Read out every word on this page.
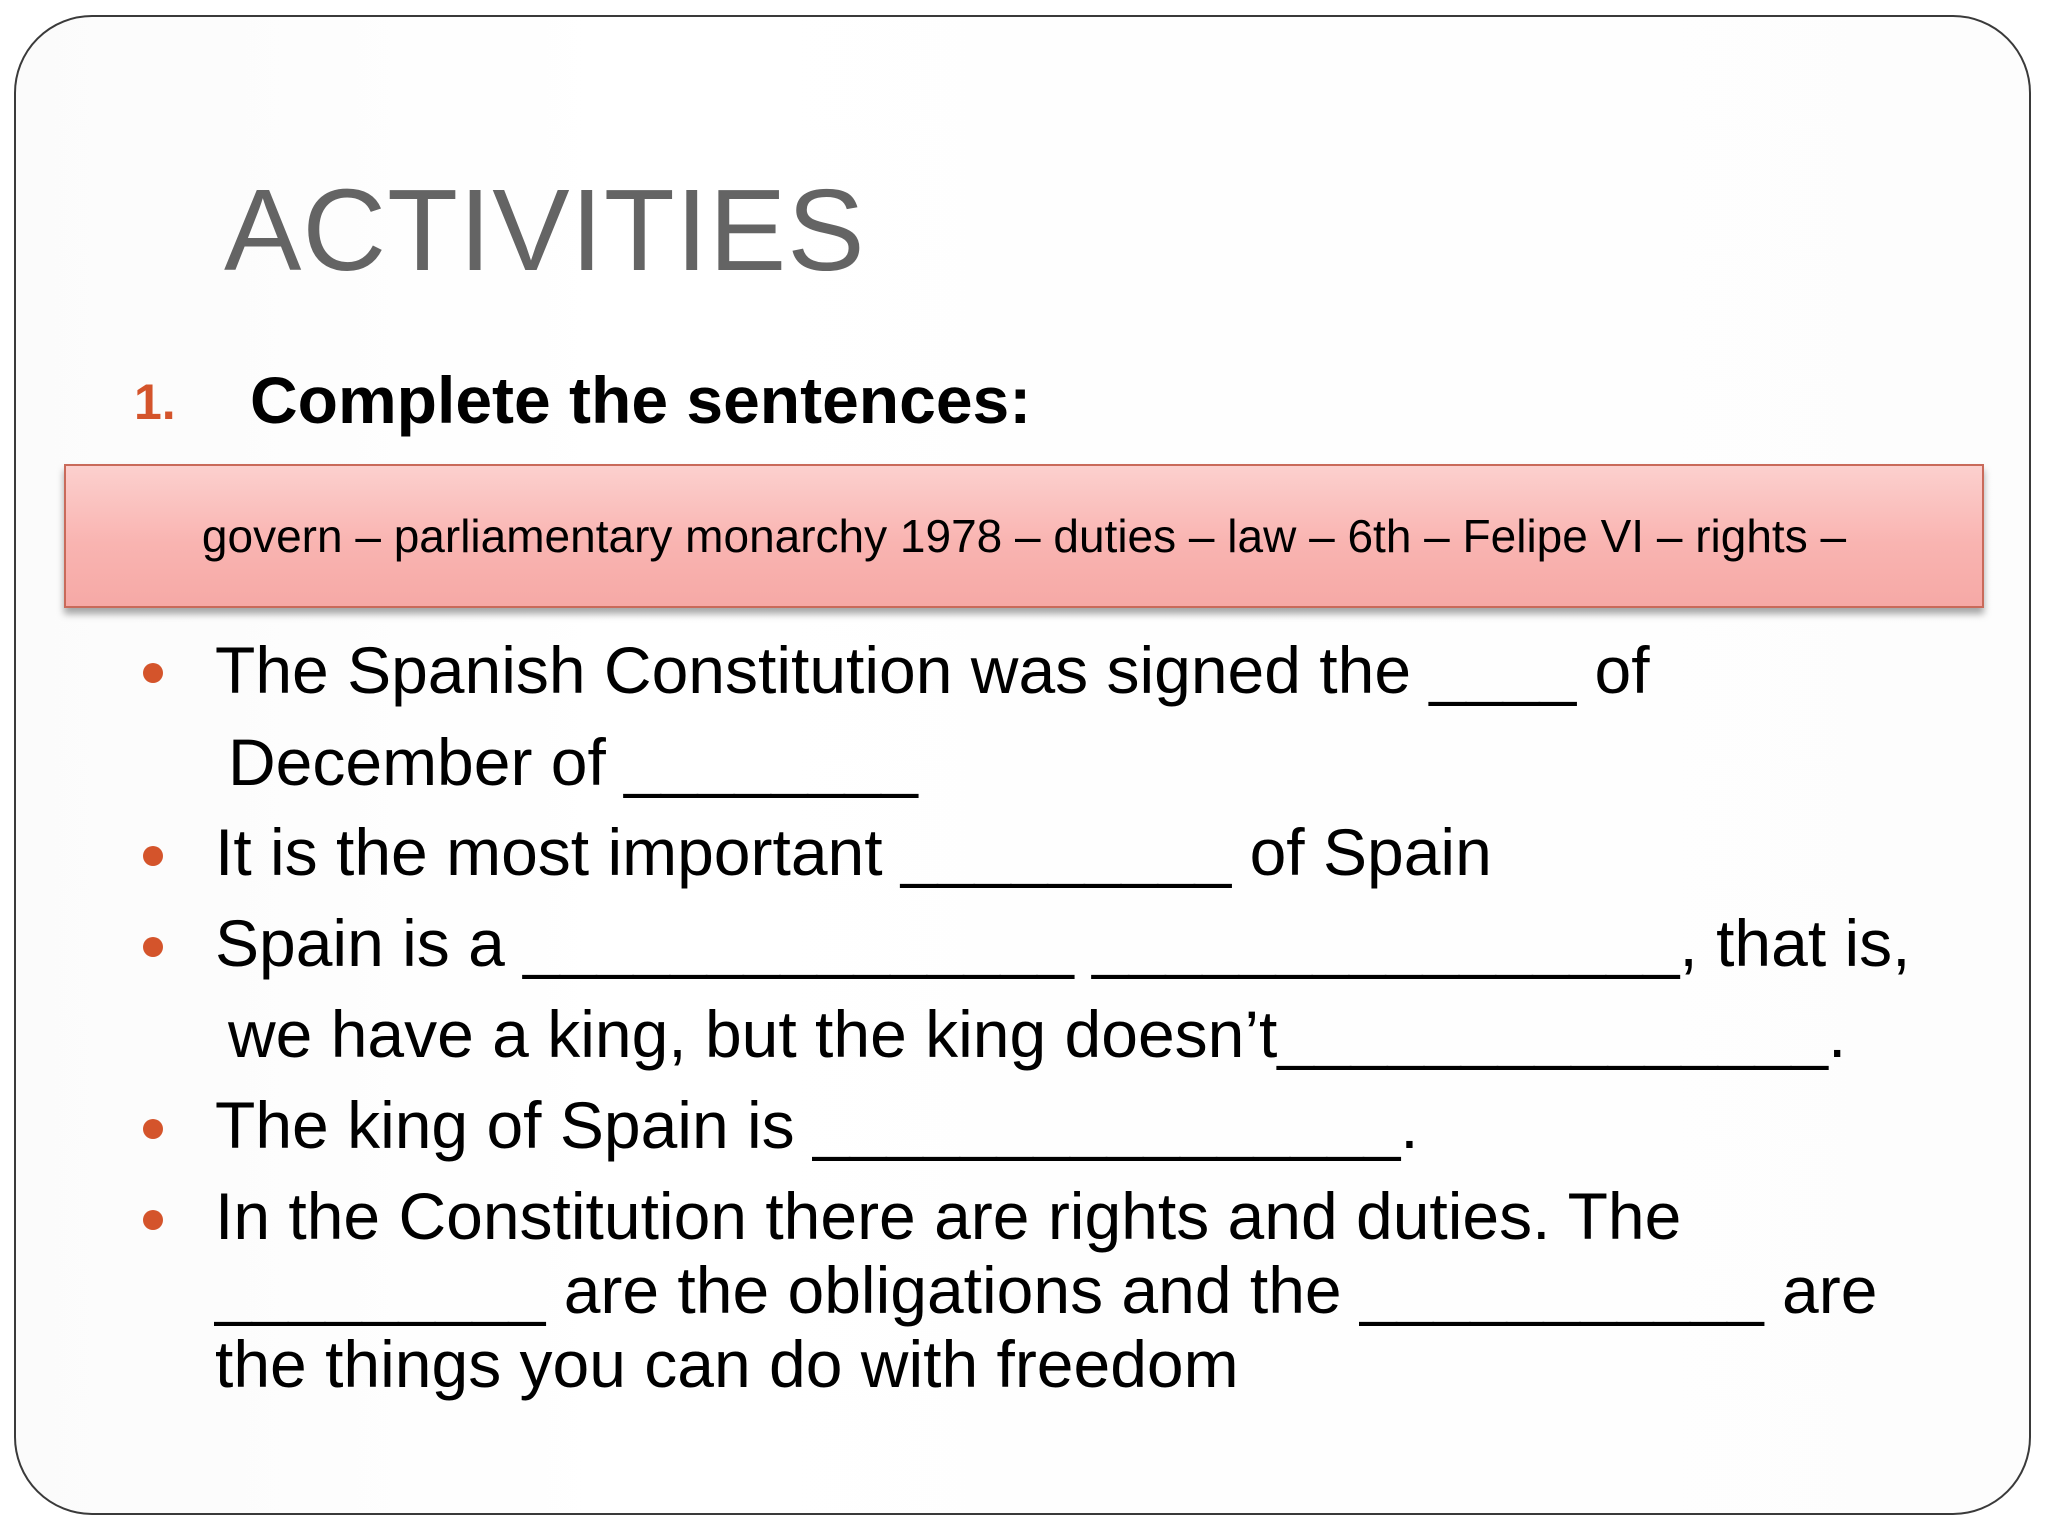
ACTIVITIES
1. Complete the sentences:
govern – parliamentary monarchy 1978 – duties – law – 6th – Felipe VI – rights –
The Spanish Constitution was signed the ____ of
December of ________
It is the most important _________ of Spain
Spain is a _______________ ________________, that is,
we have a king, but the king doesn’t_______________.
The king of Spain is ________________.
In the Constitution there are rights and duties. The
_________ are the obligations and the ___________ are
the things you can do with freedom
